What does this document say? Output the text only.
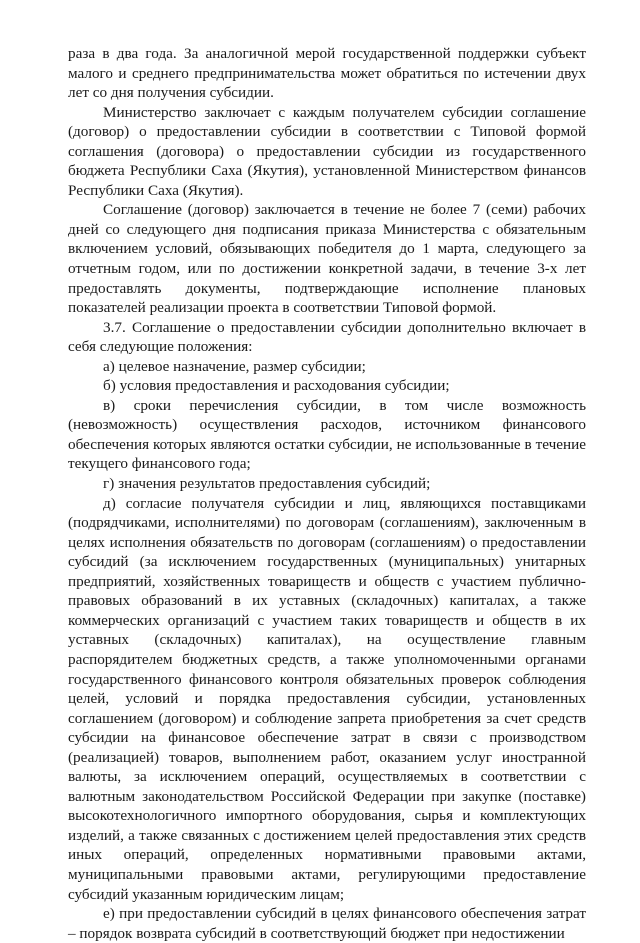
раза в два года. За аналогичной мерой государственной поддержки субъект малого и среднего предпринимательства может обратиться по истечении двух лет со дня получения субсидии.

Министерство заключает с каждым получателем субсидии соглашение (договор) о предоставлении субсидии в соответствии с Типовой формой соглашения (договора) о предоставлении субсидии из государственного бюджета Республики Саха (Якутия), установленной Министерством финансов Республики Саха (Якутия).

Соглашение (договор) заключается в течение не более 7 (семи) рабочих дней со следующего дня подписания приказа Министерства с обязательным включением условий, обязывающих победителя до 1 марта, следующего за отчетным годом, или по достижении конкретной задачи, в течение 3-х лет предоставлять документы, подтверждающие исполнение плановых показателей реализации проекта в соответствии Типовой формой.

3.7. Соглашение о предоставлении субсидии дополнительно включает в себя следующие положения:

а) целевое назначение, размер субсидии;

б) условия предоставления и расходования субсидии;

в) сроки перечисления субсидии, в том числе возможность (невозможность) осуществления расходов, источником финансового обеспечения которых являются остатки субсидии, не использованные в течение текущего финансового года;

г) значения результатов предоставления субсидий;

д) согласие получателя субсидии и лиц, являющихся поставщиками (подрядчиками, исполнителями) по договорам (соглашениям), заключенным в целях исполнения обязательств по договорам (соглашениям) о предоставлении субсидий (за исключением государственных (муниципальных) унитарных предприятий, хозяйственных товариществ и обществ с участием публично-правовых образований в их уставных (складочных) капиталах, а также коммерческих организаций с участием таких товариществ и обществ в их уставных (складочных) капиталах), на осуществление главным распорядителем бюджетных средств, а также уполномоченными органами государственного финансового контроля обязательных проверок соблюдения целей, условий и порядка предоставления субсидии, установленных соглашением (договором) и соблюдение запрета приобретения за счет средств субсидии на финансовое обеспечение затрат в связи с производством (реализацией) товаров, выполнением работ, оказанием услуг иностранной валюты, за исключением операций, осуществляемых в соответствии с валютным законодательством Российской Федерации при закупке (поставке) высокотехнологичного импортного оборудования, сырья и комплектующих изделий, а также связанных с достижением целей предоставления этих средств иных операций, определенных нормативными правовыми актами, муниципальными правовыми актами, регулирующими предоставление субсидий указанным юридическим лицам;

е) при предоставлении субсидий в целях финансового обеспечения затрат – порядок возврата субсидий в соответствующий бюджет при недостижении
